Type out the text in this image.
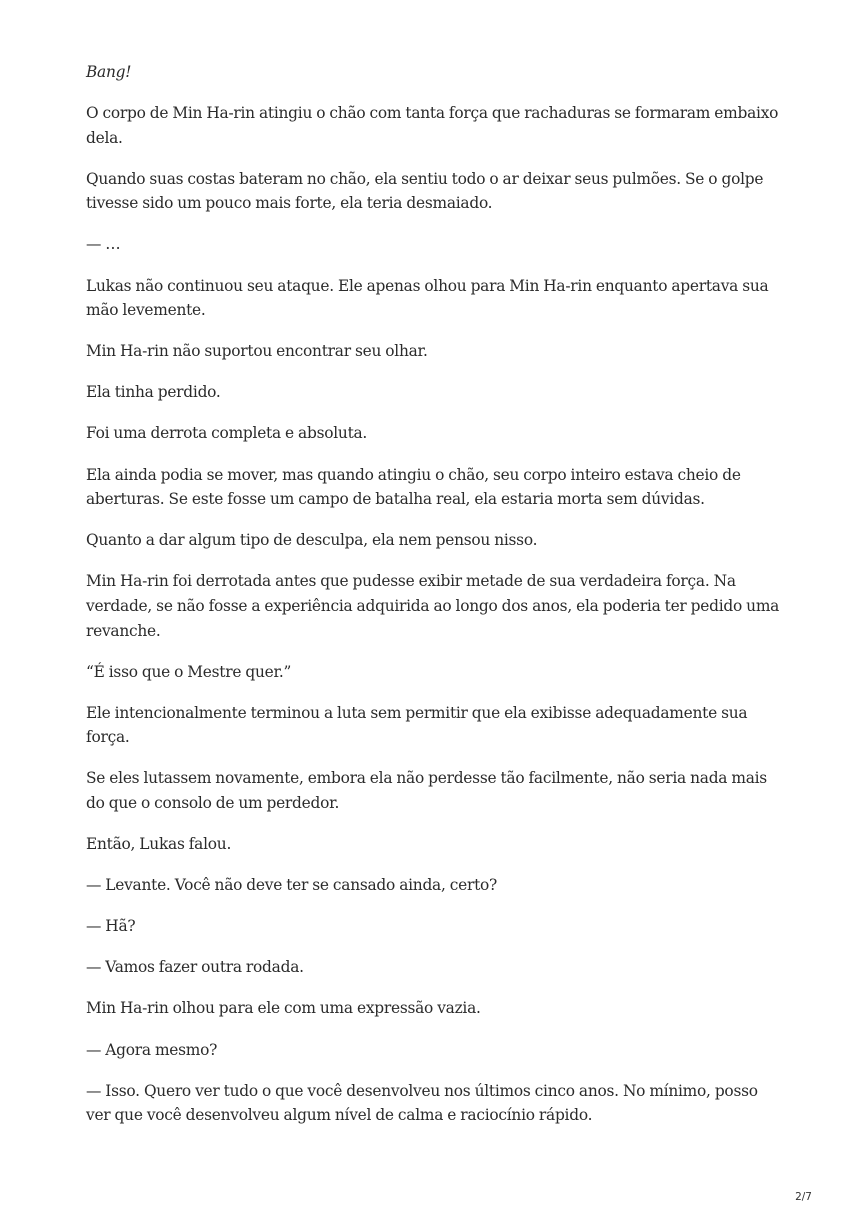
Bang!

O corpo de Min Ha-rin atingiu o chão com tanta força que rachaduras se formaram embaixo dela.

Quando suas costas bateram no chão, ela sentiu todo o ar deixar seus pulmões. Se o golpe tivesse sido um pouco mais forte, ela teria desmaiado.

— …

Lukas não continuou seu ataque. Ele apenas olhou para Min Ha-rin enquanto apertava sua mão levemente.

Min Ha-rin não suportou encontrar seu olhar.

Ela tinha perdido.

Foi uma derrota completa e absoluta.

Ela ainda podia se mover, mas quando atingiu o chão, seu corpo inteiro estava cheio de aberturas. Se este fosse um campo de batalha real, ela estaria morta sem dúvidas.

Quanto a dar algum tipo de desculpa, ela nem pensou nisso.

Min Ha-rin foi derrotada antes que pudesse exibir metade de sua verdadeira força. Na verdade, se não fosse a experiência adquirida ao longo dos anos, ela poderia ter pedido uma revanche.

“É isso que o Mestre quer.”

Ele intencionalmente terminou a luta sem permitir que ela exibisse adequadamente sua força.

Se eles lutassem novamente, embora ela não perdesse tão facilmente, não seria nada mais do que o consolo de um perdedor.

Então, Lukas falou.

— Levante. Você não deve ter se cansado ainda, certo?

— Hã?

— Vamos fazer outra rodada.

Min Ha-rin olhou para ele com uma expressão vazia.

— Agora mesmo?

— Isso. Quero ver tudo o que você desenvolveu nos últimos cinco anos. No mínimo, posso ver que você desenvolveu algum nível de calma e raciocínio rápido.

2/7
